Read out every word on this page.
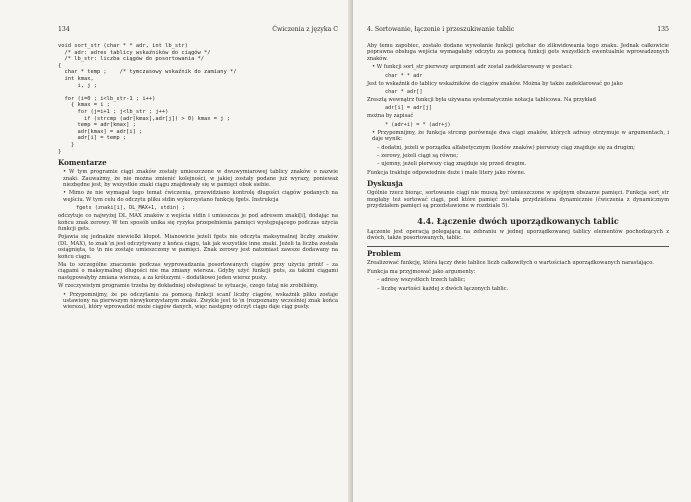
134	Ćwiczenia z języka C
void sort_str (char * * adr, int lb_str)
/* adr: adres tablicy wskaźników do ciągów */
/* lb_str: liczba ciągów do posortowania */
{
char * temp ;    /* tymczasowy wskaźnik do zamiany */
int kmax,
i, j ;

for (i=0 ; i<lb_str-1 ; i++)
{ kmax = i ;
for (j=i+1 ; j<lb_str ; j++)
if (strcmp (adr[kmax],adr[j]) > 0) kmax = j ;
temp = adr[kmax] ;
adr[kmax] = adr[i] ;
adr[i] = temp ;
}
}
Komentarze
• W tym programie ciągi znaków zostały umieszczone w dwuwymiarowej tablicy znaków o nazwie znaki. Zauważmy, że nie można zmienić kolejności, w jakiej zostały podane już wyrazy, ponieważ niezbędne jest, by wszystkie znaki ciągu znajdowały się w pamięci obok siebie.
• Mimo że nie wymagał tego temat ćwiczenia, przewidziano kontrolę długości ciągów podanych na wejściu. W tym celu do odczytu pliku stdin wykorzystano funkcję fgets. Instrukcja
fgets (znaki[i], DL_MAX+1, stdin) ;

odczytuje co najwyżej DL_MAX znaków z wejścia stdin i umieszcza je pod adresem znaki[i], dodając na końcu znak zerowy. W ten sposób unika się ryzyka przepełnienia pamięci występującego podczas użycia funkcji gets.

Pojawia się jednakże niewielki kłopot. Mianowicie jeżeli fgets nie odczyta maksymalnej liczby znaków (DL_MAX), to znak \n jest odczytywany z końca ciągu, tak jak wszystkie inne znaki. Jeżeli ta liczba została osiągnięta, to \n nie zostaje umieszczony w pamięci. Znak zerowy jest natomiast zawsze dodawany na końcu ciągu.

Ma to szczególne znaczenie podczas wyprowadzania posortowanych ciągów przy użyciu printf – za ciągami o maksymalnej długości nie ma zmiany wiersza. Gdyby użyć funkcji puts, za takimi ciągami następowałyby zmiana wiersza, a za krótszymi – dodatkowo jeden wiersz pusty.

W rzeczywistym programie trzeba by dokładniej obsługiwać te sytuacje, czego tutaj nie zrobiliśmy.

• Przypomnijmy, że po odczytaniu za pomocą funkcji scanf liczby ciągów, wskaźnik pliku zostaje ustawiony na pierwszym niewykorzystanym znaku. Zwykle jest to \n (rozpoznany wcześniej znak końca wiersza), który wprowadzić może ciągów danych, więc następny odczyt ciągu daje ciąg pusty.
4. Sortowanie, łączenie i przeszukiwanie tablic	135

Aby temu zapobiec, zostało dodane wywołanie funkcji getchar do zlikwidowania tego znaku. Jednak całkowicie poprawna obsługa wejścia wymagałaby odczytu za pomocą funkcji gets wszystkich ewentualnie wprowadzonych znaków.

• W funkcji sort_str pierwszy argument adr został zadeklarowany w postaci:
char * * adr

Jest to wskaźnik do tablicy wskaźników do ciągów znaków. Można by także zadeklarować go jako

char * adr[]

Zresztą wewnątrz funkcji była używana systematycznie notacja tablicowa. Na przykład

adr[i] = adr[j]

można by zapisać

* (adr+i) = * (adr+j)
• Przypomnijmy, że funkcja strcmp porównuje dwa ciągi znaków, których adresy otrzymuje w argumentach, i daje wynik:
– dodatni, jeżeli w porządku alfabetycznym (kodów znaków) pierwszy ciąg znajduje się za drugim;
– zerowy, jeżeli ciągi są równe;
– ujemny, jeżeli pierwszy ciąg znajduje się przed drugim.

Funkcja traktuje odpowiednie duże i małe litery jako równe.

Dyskusja

Ogólnie rzecz biorąc, sortowanie ciągi nie muszą być umieszczone w spójnym obszarze pamięci. Funkcja sort_str mogłaby też sortować ciągi, pod które pamięć została przydzielona dynamicznie (ćwiczenia z dynamicznym przydziałem pamięci są przedstawione w rozdziale 5).

4.4. Łączenie dwóch uporządkowanych tablic

Łączenie jest operacją polegającą na zebraniu w jednej uporządkowanej tablicy elementów pochodzących z dwóch, także posortowanych, tablic.

Problem

Zrealizować funkcję, która łączy dwie tablice liczb całkowitych o wartościach uporządkowanych narastająco.

Funkcja ma przyjmować jako argumenty:

– adresy wszystkich trzech tablic;
– liczbę wartości każdej z dwóch łączonych tablic.
